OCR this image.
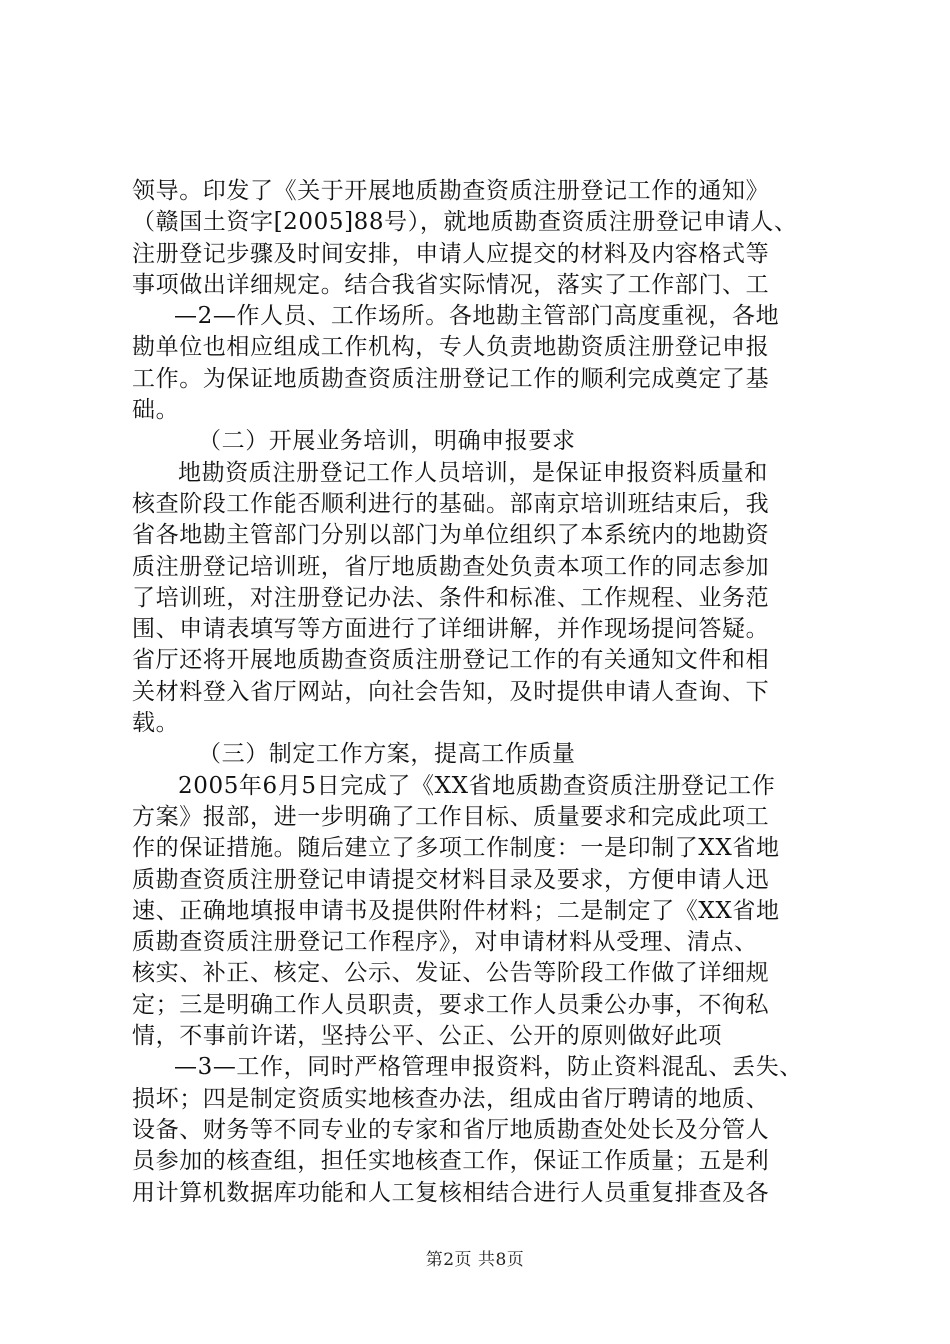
领导。印发了《关于开展地质勘查资质注册登记工作的通知》
（赣国土资字[2005]88号），就地质勘查资质注册登记申请人、
注册登记步骤及时间安排，申请人应提交的材料及内容格式等
事项做出详细规定。结合我省实际情况，落实了工作部门、工
—2—作人员、工作场所。各地勘主管部门高度重视，各地
勘单位也相应组成工作机构，专人负责地勘资质注册登记申报
工作。为保证地质勘查资质注册登记工作的顺利完成奠定了基
础。
（二）开展业务培训，明确申报要求
地勘资质注册登记工作人员培训，是保证申报资料质量和
核查阶段工作能否顺利进行的基础。部南京培训班结束后，我
省各地勘主管部门分别以部门为单位组织了本系统内的地勘资
质注册登记培训班，省厅地质勘查处负责本项工作的同志参加
了培训班，对注册登记办法、条件和标准、工作规程、业务范
围、申请表填写等方面进行了详细讲解，并作现场提问答疑。
省厅还将开展地质勘查资质注册登记工作的有关通知文件和相
关材料登入省厅网站，向社会告知，及时提供申请人查询、下
载。
（三）制定工作方案，提高工作质量
2005年6月5日完成了《XX省地质勘查资质注册登记工作
方案》报部，进一步明确了工作目标、质量要求和完成此项工
作的保证措施。随后建立了多项工作制度：一是印制了XX省地
质勘查资质注册登记申请提交材料目录及要求，方便申请人迅
速、正确地填报申请书及提供附件材料；二是制定了《XX省地
质勘查资质注册登记工作程序》，对申请材料从受理、清点、
核实、补正、核定、公示、发证、公告等阶段工作做了详细规
定；三是明确工作人员职责，要求工作人员秉公办事，不徇私
情，不事前许诺，坚持公平、公正、公开的原则做好此项
—3—工作，同时严格管理申报资料，防止资料混乱、丢失、
损坏；四是制定资质实地核查办法，组成由省厅聘请的地质、
设备、财务等不同专业的专家和省厅地质勘查处处长及分管人
员参加的核查组，担任实地核查工作，保证工作质量；五是利
用计算机数据库功能和人工复核相结合进行人员重复排查及各
第2页 共8页
